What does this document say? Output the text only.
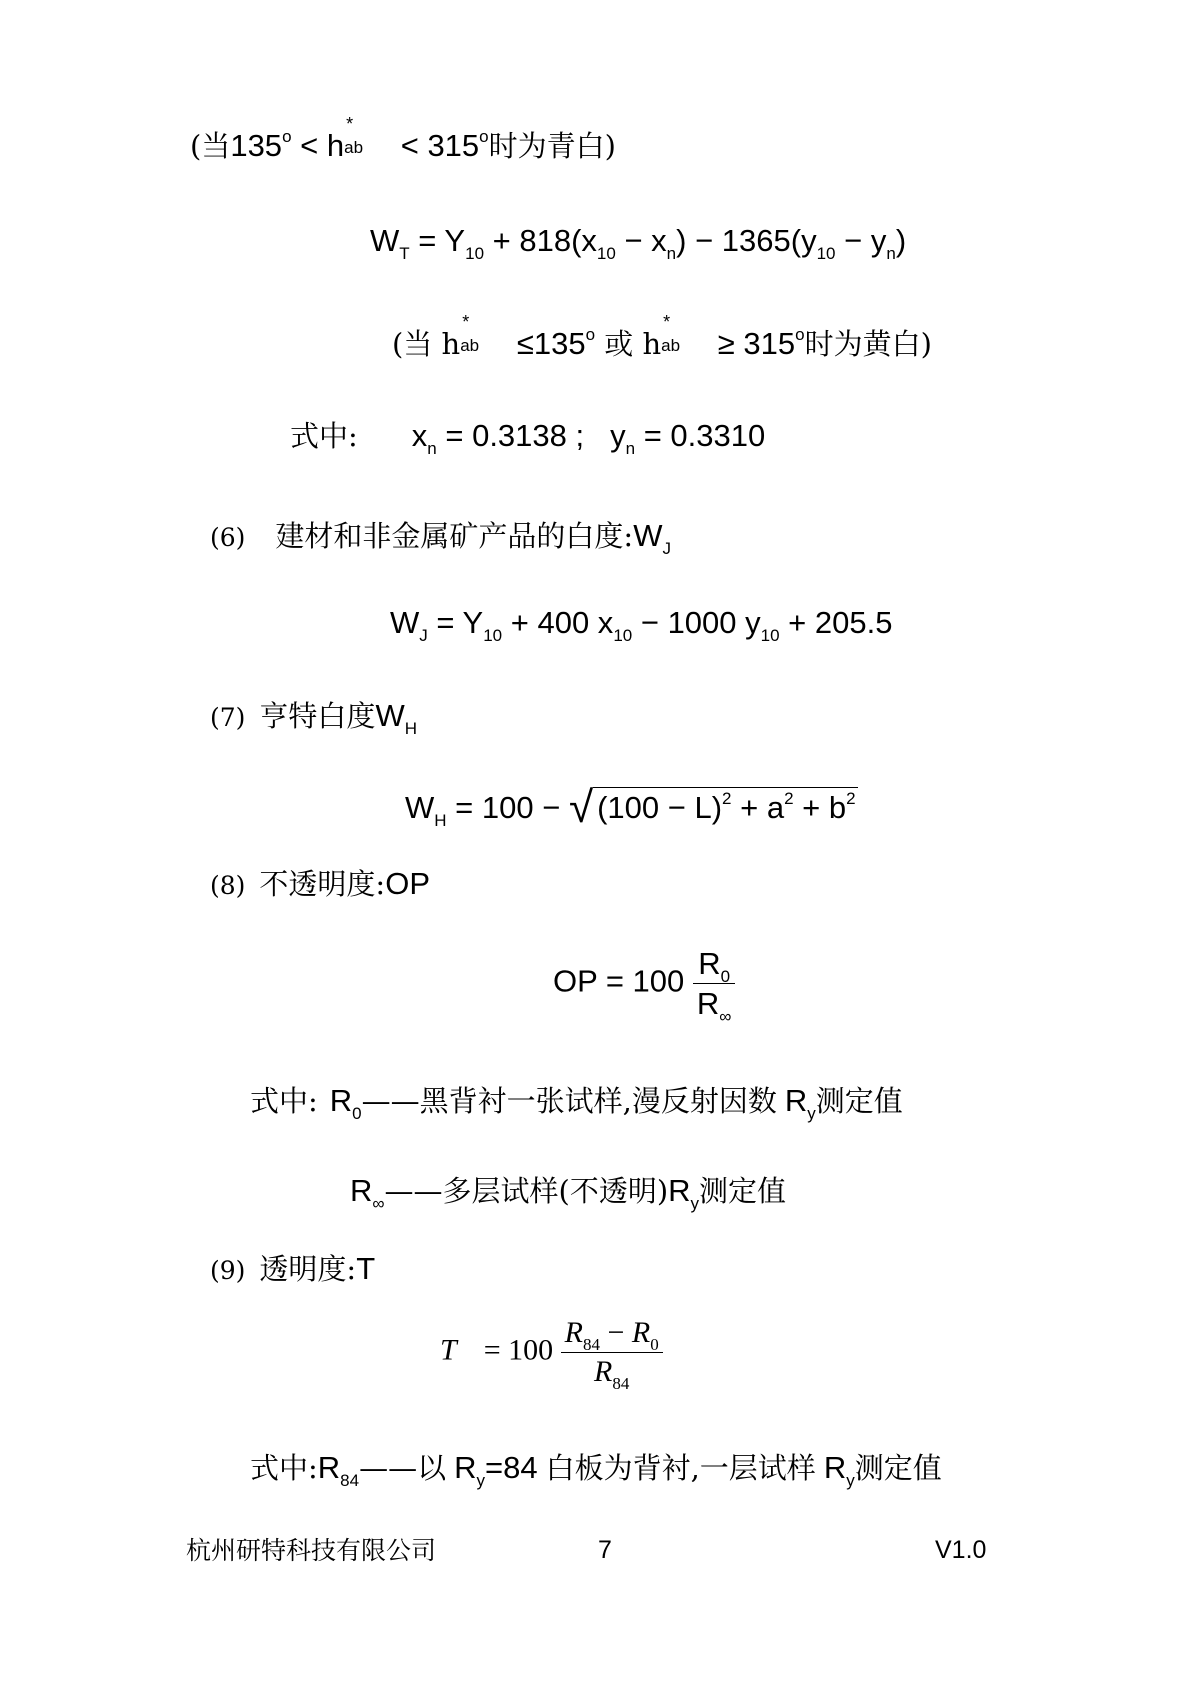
(当$135^o < h$
*
ab < $315^o$时为青白)
$W_T = Y_{10} + 818(x_{10} - x_n) - 1365(y_{10} - y_n)$
(当 h
*
ab $\le 135^o$ 或 h
*
ab ≥ $315^o$时为黄白)
式中: $x_n = 0.3138$ ; $y_n = 0.3310$
(6) 建材和非金属矿产品的白度$:W_J$
$W_J = Y_{10} + 400$ $x_{10} - 1000$ $y_{10} + 205.5$
(7) 亨特白度$W_H$
$W_H = 100$ − √ $(100 - L)^2 + a^2 + b^2$
(8) 不透明度:OP
OP = $100 \frac{R_0}{R_\infty}$
式中: $R_0——$黑背衬一张试样,漫反射因数 $R_y$测定值
$R_\infty——$多层试样(不透明)$R_y$测定值
(9) 透明度:T
$T = 100 \frac{R_{84} - R_0}{R_{84}}$
式中$:R_{84}——$以 $R_y=84$ 白板为背衬,一层试样 $R_y$测定值
杭州研特科技有限公司	7	V1.0
